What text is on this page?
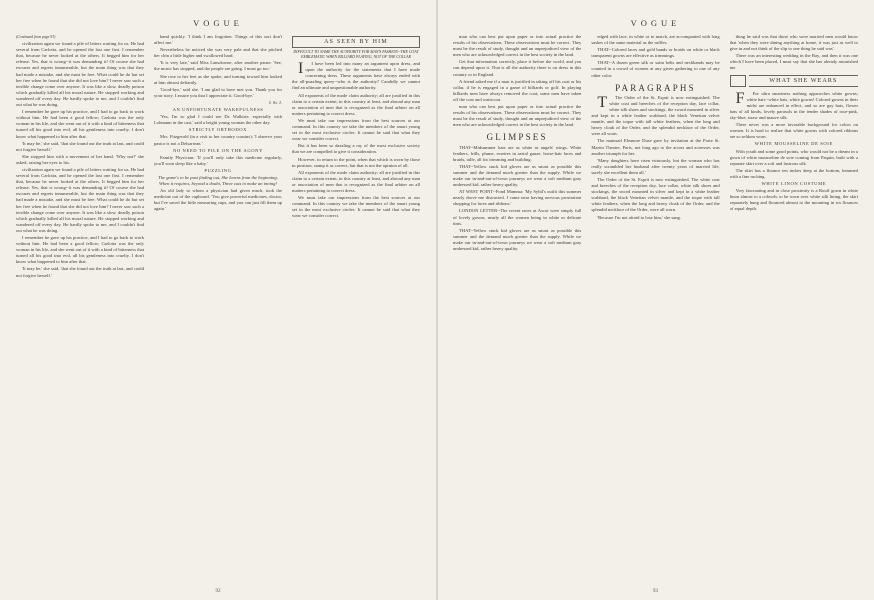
VOGUE

(Continued from page 91)

civilization again we found a pile of letters waiting for us. He had several from Carlotta, and he opened the last one first. I remember that, because he never looked at the others. It begged him for her release. Yes, that is wrong--it was demanding it! Of course she had excuses and regrets innumerable, but the main thing was that they had made a mistake, and she must be free. What could he do but set her free when he found that she did not love him? I never saw such a terrible change come over anyone. It was like a slow, deadly poison which gradually killed all his moral nature. He stopped working and wandered off every day. He hardly spoke to me, and I couldn't find out what he was doing.

I remember he gave up his practice, and I had to go back to work without him. He had been a good fellow; Carlotta was the only woman in his life, and she went out of it with a kind of bitterness that turned all his good into evil, all his gentleness into cruelty. I don't know what happened to him after that.

'It may be,' she said, 'that she found out the truth at last, and could not forgive herself.'

She stopped him with a movement of her hand. 'Why not?' she asked, raising her eyes to his.

civilization again we found a pile of letters waiting for us. He had several from Carlotta, and he opened the last one first. I remember that, because he never looked at the others. It begged him for her release. Yes, that is wrong--it was demanding it! Of course she had excuses and regrets innumerable, but the main thing was that they had made a mistake, and she must be free. What could he do but set her free when he found that she did not love him? I never saw such a terrible change come over anyone. It was like a slow, deadly poison which gradually killed all his moral nature. He stopped working and wandered off every day. He hardly spoke to me, and I couldn't find out what he was doing.

I remember he gave up his practice, and I had to go back to work without him. He had been a good fellow; Carlotta was the only woman in his life, and she went out of it with a kind of bitterness that turned all his good into evil, all his gentleness into cruelty. I don't know what happened to him after that.

'It may be,' she said, 'that she found out the truth at last, and could not forgive herself.'

band quickly. 'I think I am forgotten. Things of this sort don't affect me.'

Nevertheless he noticed she was very pale and that she pitched her chin a little higher and swallowed hard.

'It is very late,' said Miss Lansdowne, after another pause. 'See, the music has stopped, and the people are going. I must go too.'

She rose to her feet as she spoke, and turning toward him looked at him almost defiantly.

'Good-bye,' said she. 'I am glad to have met you. Thank you for your story. I assure you that I appreciate it. Good-bye.'

J. St. J.

AN UNFORTUNATE WAKEFULNESS

'Yes, I'm so glad I could see Dr. Walkirie, especially with Lohmann in the cast,' said a bright young woman the other day.

STRICTLY ORTHODOX

Mrs. Fitzgerald (in a visit to her country cousins): 'I observe your pastor is not a Delsartean.'

NO NEED TO PILE ON THE AGONY

Family Physician: 'If you'll only take this medicine regularly, you'll soon sleep like a baby.'

PUZZLING

The game's to be past finding out, She learns from the beginning, When it requires, beyond a doubt, Three cuts to make an inning!

An old lady to whom a physician had given much, took the medicine out of the cupboard. 'You give powerful medicines, doctor, but I've saved the little measuring cups, and you can just fill them up again.'

AS SEEN BY HIM

DIFFICULT TO NAME THE AUTHORITY FOR MAN'S FASHION--THE COAT EMBLEMATIC WHEN BILLIARD PLAYING, NOT OF THE COLLAR

I I have been led into many an argument upon dress, and upon the authority for the statements that I have made concerning dress. These arguments have always ended with the all-puzzling query--who is the authority? Candidly we cannot find an ultimate and unquestionable authority.

All exponents of the mode claim authority; all are justified in this claim to a certain extent, in this country at least, and abroad any man or association of men that is recognized as the final arbiter on all matters pertaining to correct dress.

We must take our impressions from the best sources at our command. In this country we take the members of the smart young set in the most exclusive circles. It cannot be said that what they wear we consider correct.

But it has been so dazzling a ray of the most exclusive society that we are compelled to give it consideration.

However, to return to the point, when that which is worn by those in position, stamp it as correct, but that is not the opinion of all.

All exponents of the mode claim authority; all are justified in this claim to a certain extent, in this country at least, and abroad any man or association of men that is recognized as the final arbiter on all matters pertaining to correct dress.

We must take our impressions from the best sources at our command. In this country we take the members of the smart young set in the most exclusive circles. It cannot be said that what they wear we consider correct.

92
VOGUE

man who can best put upon paper or into actual practice the results of his observations. These observations must be correct. They must be the result of study, thought and an unprejudiced view of the men who are acknowledged correct in the best society in the land.

Get that information correctly, place it before the world, and you can depend upon it. That is all the authority there is on dress in this country or in England.

A friend asked me if a man is justified in taking off his coat or his collar, if he is engaged in a game of billiards or golf. In playing billiards men have always removed the coat; some men have taken off the coat and waistcoat.

man who can best put upon paper or into actual practice the results of his observations. These observations must be correct. They must be the result of study, thought and an unprejudiced view of the men who are acknowledged correct in the best society in the land.

GLIMPSES

THAT--Midsummer hats are as white as angels' wings. White feathers, frills, plume, rosettes in aerial gauze, horse-hair laces and braids, tulle, all for trimming and building.

THAT--Yellow stuck kid gloves are as smart as possible this summer and the demand much greater than the supply. While we make our in-and-out-of-town journeys we wear a soft medium gray undressed kid, rather heavy quality.

AT WEST POINT--Fond Mamma: 'My Sybil's outfit this summer nearly drove me distracted. I came near having nervous prostration shopping for laces and ribbons.'

LONDON LETTER--The recent races at Ascot were simply full of lovely gowns, nearly all the women being in white or delicate tints.

THAT--Yellow stuck kid gloves are as smart as possible this summer and the demand much greater than the supply. While we make our in-and-out-of-town journeys we wear a soft medium gray undressed kid, rather heavy quality.

edged with lace, in white or to match, are accompanied with long sashes of the same material as the ruffles.

THAT--Colored laces and gold bands or braids on white or black transparent gowns are effective as trimmings.

THAT--A dozen green silk or satin belts and neckbands may be counted in a crowd of women at any given gathering to one of any other color.

PARAGRAPHS

T The Order of the St. Esprit is now extinguished. The white coat and breeches of the reception day, lace collar, white silk shoes and stockings, the sword mounted in silver and kept in a white leather scabbard, the black Venetian velvet mantle, and the toque with tall white feathers, when the long and heavy cloak of the Order, and the splendid necklace of the Order, were all worn.

The mainsail Eleanore Duse gave by invitation at the Porte St. Martin Theatre, Paris, not long ago to the actors and actresses was another triumph for her.

'Many daughters have risen virtuously, but the woman who has really scrambled her husband after twenty years of married life, surely she excellent them all.'

The Order of the St. Esprit is now extinguished. The white coat and breeches of the reception day, lace collar, white silk shoes and stockings, the sword mounted in silver and kept in a white leather scabbard, the black Venetian velvet mantle, and the toque with tall white feathers, when the long and heavy cloak of the Order, and the splendid necklace of the Order, were all worn.

'Because I'm not afraid to lose him,' she sang.

thing he said was that those who were married men would know that 'when they were dining anything at home, it was just as well to give in and not think of the slip to one thing he said was'.

There was an interesting wedding in the Bay, and then it was one which I have been placed, I must say that she has already astonished me.

WHAT SHE WEARS

F For ultra smartness nothing approaches white gowns; white hats--white hats, white gowns! Colored gowns in their midst are enhanced in effect, and so are gay hats, flower hats of all kinds, lovely parasols in the tender shades of rose-pink, sky-blue, straw and mauve silk.

There never was a more favorable background for colors on women. It is hard to realize that white gowns with colored ribbons are so seldom worn.

WHITE MOUSSELINE DE SOIE

With youth and some good points, who would not be a dream in a gown of white mousseline de soie coming from Paquin, built with a separate skirt over a soft and lustrous silk.

The skirt has a flounce ten inches deep at the bottom, hemmed with a fine ruching.

WHITE LINON COSTUME

Very fascinating and in close proximity is a Rouff gown in white linon almost to a cobweb, to be worn over white silk lining, the skirt separately hung and flounced almost to the mounting in six flounces of equal depth.

93
